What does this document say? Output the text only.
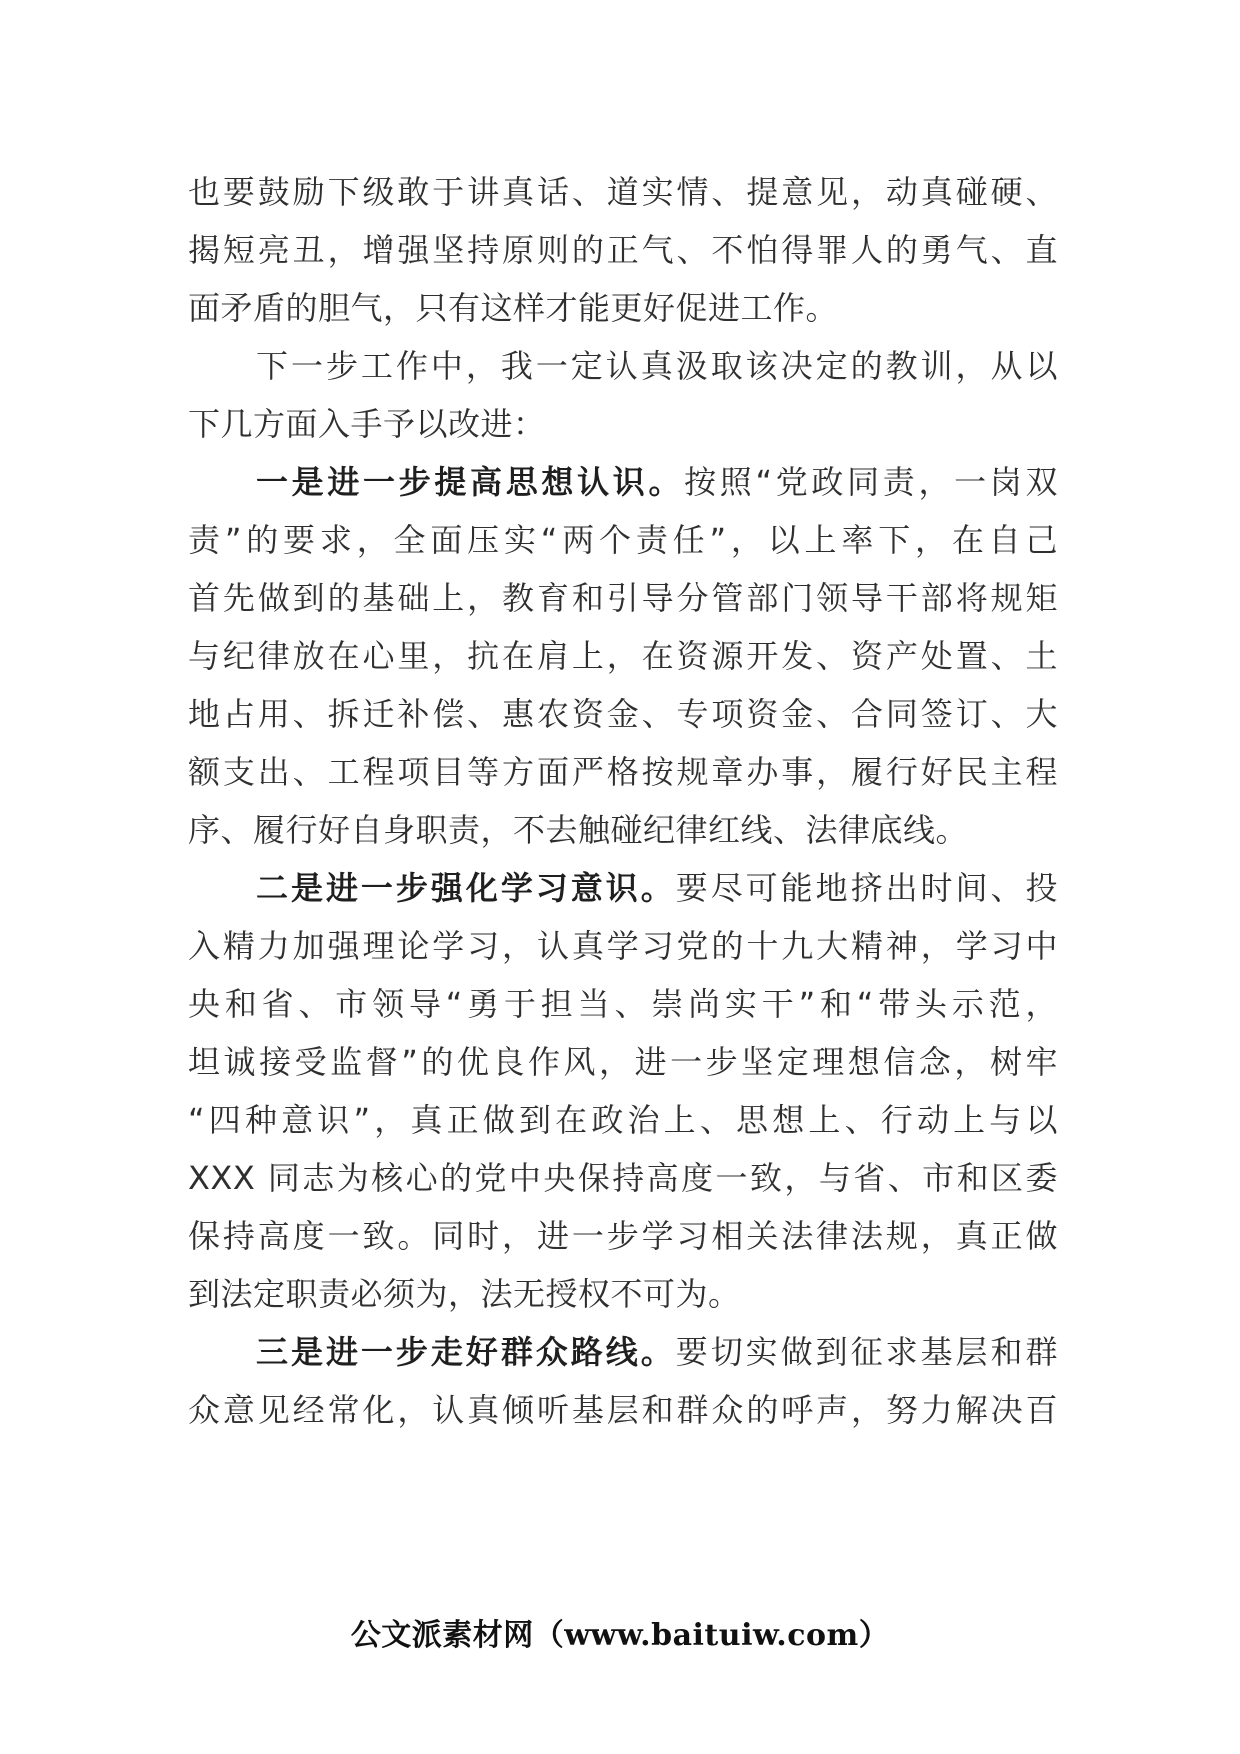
也要鼓励下级敢于讲真话、道实情、提意见，动真碰硬、
揭短亮丑，增强坚持原则的正气、不怕得罪人的勇气、直
面矛盾的胆气，只有这样才能更好促进工作。
下一步工作中，我一定认真汲取该决定的教训，从以
下几方面入手予以改进：
一是进一步提高思想认识。按照“党政同责，一岗双
责”的要求，全面压实“两个责任”，以上率下，在自己
首先做到的基础上，教育和引导分管部门领导干部将规矩
与纪律放在心里，抗在肩上，在资源开发、资产处置、土
地占用、拆迁补偿、惠农资金、专项资金、合同签订、大
额支出、工程项目等方面严格按规章办事，履行好民主程
序、履行好自身职责，不去触碰纪律红线、法律底线。
二是进一步强化学习意识。要尽可能地挤出时间、投
入精力加强理论学习，认真学习党的十九大精神，学习中
央和省、市领导“勇于担当、崇尚实干”和“带头示范，
坦诚接受监督”的优良作风，进一步坚定理想信念，树牢
“四种意识”，真正做到在政治上、思想上、行动上与以
XXX 同志为核心的党中央保持高度一致，与省、市和区委
保持高度一致。同时，进一步学习相关法律法规，真正做
到法定职责必须为，法无授权不可为。
三是进一步走好群众路线。要切实做到征求基层和群
众意见经常化，认真倾听基层和群众的呼声，努力解决百
公文派素材网（www.baituiw.com）
